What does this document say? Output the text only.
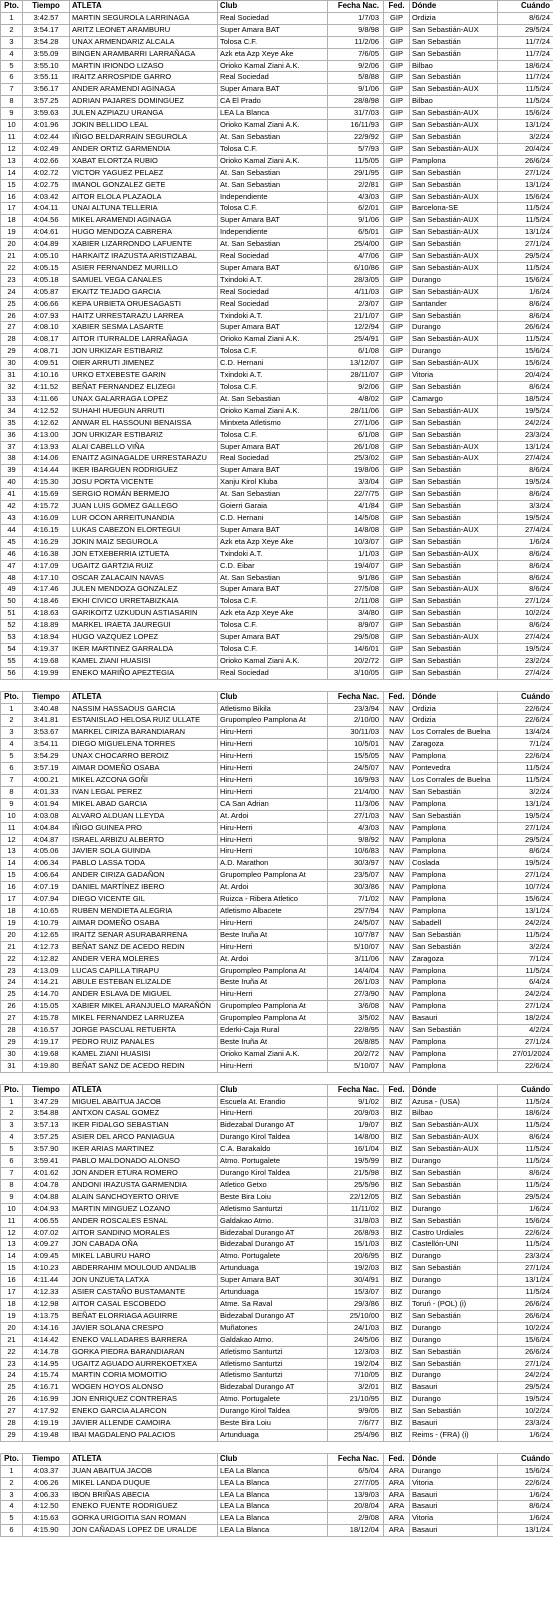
Pto.	Tiempo	ATLETA	Club	Fecha Nac.	Fed.	Dónde	Cuándo
1	3:42.57	MARTIN SEGUROLA LARRINAGA	Real Sociedad	1/7/03	GIP	Ordizia	8/6/24
2	3:54.17	ARITZ LEONET ARAMBURU	Super Amara BAT	9/8/98	GIP	San Sebastián-AUX	29/5/24
3	3:54.28	UNAX ARMENDARIZ ALCALA	Tolosa C.F.	11/2/06	GIP	San Sebastián	11/7/24
4	3:55.09	BINGEN ARAMBARRI LARRAÑAGA	Azk eta Azp Xeye Ake	7/6/05	GIP	San Sebastián	11/7/24
5	3:55.10	MARTIN IRIONDO LIZASO	Orioko Kamal Ziani A.K.	9/2/06	GIP	Bilbao	18/6/24
6	3:55.11	IRAITZ ARROSPIDE GARRO	Real Sociedad	5/8/88	GIP	San Sebastián	11/7/24
7	3:56.17	ANDER ARAMENDI AGINAGA	Super Amara BAT	9/1/06	GIP	San Sebastián-AUX	11/5/24
8	3:57.25	ADRIAN PAJARES DOMINGUEZ	CA El Prado	28/8/98	GIP	Bilbao	11/5/24
9	3:59.63	JULEN AZPIAZU URANGA	LEA La Blanca	31/7/03	GIP	San Sebastián-AUX	15/6/24
10	4:01.96	JOKIN BELLIDO LEAL	Orioko Kamal Ziani A.K.	16/11/93	GIP	San Sebastián-AUX	13/1/24
11	4:02.44	IÑIGO BELDARRAIN SEGUROLA	At. San Sebastian	22/9/92	GIP	San Sebastián	3/2/24
12	4:02.49	ANDER ORTIZ GARMENDIA	Tolosa C.F.	5/7/93	GIP	San Sebastián-AUX	20/4/24
13	4:02.66	XABAT ELORTZA RUBIO	Orioko Kamal Ziani A.K.	11/5/05	GIP	Pamplona	26/6/24
14	4:02.72	VICTOR YAGUEZ PELAEZ	At. San Sebastian	29/1/95	GIP	San Sebastián	27/1/24
15	4:02.75	IMANOL GONZALEZ GETE	At. San Sebastian	2/2/81	GIP	San Sebastián	13/1/24
16	4:03.42	AITOR ELOLA PLAZAOLA	Independiente	4/3/03	GIP	San Sebastián-AUX	15/6/24
17	4:04.11	UNAI ALTUNA TELLERIA	Tolosa C.F.	6/2/01	GIP	Barcelona-SE	11/5/24
18	4:04.56	MIKEL ARAMENDI AGINAGA	Super Amara BAT	9/1/06	GIP	San Sebastián-AUX	11/5/24
19	4:04.61	HUGO MENDOZA CABRERA	Independiente	6/5/01	GIP	San Sebastián-AUX	13/1/24
20	4:04.89	XABIER LIZARRONDO LAFUENTE	At. San Sebastian	25/4/00	GIP	San Sebastián	27/1/24
21	4:05.10	HARKAITZ IRAZUSTA ARISTIZABAL	Real Sociedad	4/7/06	GIP	San Sebastián-AUX	29/5/24
22	4:05.15	ASIER FERNANDEZ MURILLO	Super Amara BAT	6/10/86	GIP	San Sebastián-AUX	11/5/24
23	4:05.18	SAMUEL VEGA CANALES	Txindoki A.T.	28/3/05	GIP	Durango	15/6/24
24	4:05.87	EKAITZ TEJADO GARCIA	Real Sociedad	4/11/03	GIP	San Sebastián-AUX	1/6/24
25	4:06.66	KEPA URBIETA ORUESAGASTI	Real Sociedad	2/3/07	GIP	Santander	8/6/24
26	4:07.93	HAITZ URRESTARAZU LARREA	Txindoki A.T.	21/1/07	GIP	San Sebastián	8/6/24
27	4:08.10	XABIER SESMA LASARTE	Super Amara BAT	12/2/94	GIP	Durango	26/6/24
28	4:08.17	AITOR ITURRALDE LARRAÑAGA	Orioko Kamal Ziani A.K.	25/4/91	GIP	San Sebastián-AUX	11/5/24
29	4:08.71	JON URKIZAR ESTIBARIZ	Tolosa C.F.	6/1/08	GIP	Durango	15/6/24
30	4:09.51	OIER ARRUTI JIMENEZ	C.D. Hernani	13/12/07	GIP	San Sebastián-AUX	15/6/24
31	4:10.16	URKO ETXEBESTE GARIN	Txindoki A.T.	28/11/07	GIP	Vitoria	20/4/24
32	4:11.52	BEÑAT FERNANDEZ ELIZEGI	Tolosa C.F.	9/2/06	GIP	San Sebastián	8/6/24
33	4:11.66	UNAX GALARRAGA LOPEZ	At. San Sebastian	4/8/02	GIP	Camargo	18/5/24
34	4:12.52	SUHAHI HUEGUN ARRUTI	Orioko Kamal Ziani A.K.	28/11/06	GIP	San Sebastián-AUX	19/5/24
35	4:12.62	ANWAR EL HASSOUNI BENAISSA	Mintxeta Atletismo	27/1/06	GIP	San Sebastián	24/2/24
36	4:13.00	JON URKIZAR ESTIBARIZ	Tolosa C.F.	6/1/08	GIP	San Sebastián	23/3/24
37	4:13.93	ALAI CABELLO VIÑA	Super Amara BAT	26/1/08	GIP	San Sebastián-AUX	13/1/24
38	4:14.06	ENAITZ AGINAGALDE URRESTARAZU	Real Sociedad	25/3/02	GIP	San Sebastián-AUX	27/4/24
39	4:14.44	IKER IBARGUEN RODRIGUEZ	Super Amara BAT	19/8/06	GIP	San Sebastián	8/6/24
40	4:15.30	JOSU PORTA VICENTE	Xanju Kirol Kluba	3/3/04	GIP	San Sebastián	19/5/24
41	4:15.69	SERGIO ROMÁN BERMEJO	At. San Sebastian	22/7/75	GIP	San Sebastián	8/6/24
42	4:15.72	JUAN LUIS GOMEZ GALLEGO	Goierri Garaia	4/1/84	GIP	San Sebastián	3/3/24
43	4:16.09	LUR OCON ARREITUNANDIA	C.D. Hernani	14/5/08	GIP	San Sebastián	19/5/24
44	4:16.15	LUKAS CABEZON ELORTEGUI	Super Amara BAT	14/8/08	GIP	San Sebastián-AUX	27/4/24
45	4:16.29	JOKIN MAIZ SEGUROLA	Azk eta Azp Xeye Ake	10/3/07	GIP	San Sebastián	1/6/24
46	4:16.38	JON ETXEBERRIA IZTUETA	Txindoki A.T.	1/1/03	GIP	San Sebastián-AUX	8/6/24
47	4:17.09	UGAITZ GARTZIA RUIZ	C.D. Eibar	19/4/07	GIP	San Sebastián	8/6/24
48	4:17.10	OSCAR ZALACAIN NAVAS	At. San Sebastian	9/1/86	GIP	San Sebastián	8/6/24
49	4:17.46	JULEN MENDOZA GONZALEZ	Super Amara BAT	27/5/08	GIP	San Sebastián-AUX	8/6/24
50	4:18.46	EKHI CIVICO URRETABIZKAIA	Tolosa C.F.	2/11/08	GIP	San Sebastián	27/1/24
51	4:18.63	GARIKOITZ UZKUDUN ASTIASARIN	Azk eta Azp Xeye Ake	3/4/80	GIP	San Sebastián	10/2/24
52	4:18.89	MARKEL IRAETA JAUREGUI	Tolosa C.F.	8/9/07	GIP	San Sebastián	8/6/24
53	4:18.94	HUGO VAZQUEZ LOPEZ	Super Amara BAT	29/5/08	GIP	San Sebastián-AUX	27/4/24
54	4:19.37	IKER MARTINEZ GARRALDA	Tolosa C.F.	14/6/01	GIP	San Sebastián	19/5/24
55	4:19.68	KAMEL ZIANI HUASISI	Orioko Kamal Ziani A.K.	20/2/72	GIP	San Sebastián	23/2/24
56	4:19.99	ENEKO MARIÑO APEZTEGIA	Real Sociedad	3/10/05	GIP	San Sebastián	27/4/24
Pto.	Tiempo	ATLETA	Club	Fecha Nac.	Fed.	Dónde	Cuándo
1	3:40.48	NASSIM HASSAOUS GARCIA	Atletismo Bikila	23/3/94	NAV	Ordizia	22/6/24
2	3:41.81	ESTANISLAO HELOSA RUIZ ULLATE	Grupompleo Pamplona At	2/10/00	NAV	Ordizia	22/6/24
3	3:53.67	MARKEL CIRIZA BARANDIARAN	Hiru-Herri	30/11/03	NAV	Los Corrales de Buelna	13/4/24
4	3:54.11	DIEGO MIGUELENA TORRES	Hiru-Herri	10/5/01	NAV	Zaragoza	7/1/24
5	3:54.29	UNAX CHOCARRO BEROIZ	Hiru-Herri	15/5/05	NAV	Pamplona	22/6/24
6	3:57.19	AIMAR DOMEÑO OSABA	Hiru-Herri	24/5/07	NAV	Pontevedra	11/5/24
7	4:00.21	MIKEL AZCONA GOÑI	Hiru-Herri	16/9/93	NAV	Los Corrales de Buelna	11/5/24
8	4:01.33	IVAN LEGAL PEREZ	Hiru-Herri	21/4/00	NAV	San Sebastián	3/2/24
9	4:01.94	MIKEL ABAD GARCIA	CA San Adrian	11/3/06	NAV	Pamplona	13/1/24
10	4:03.08	ALVARO ALDUAN LLEYDA	At. Ardoi	27/1/03	NAV	San Sebastián	19/5/24
11	4:04.84	IÑIGO GUINEA PRO	Hiru-Herri	4/3/03	NAV	Pamplona	27/1/24
12	4:04.87	ISRAEL ARBIZU ALBERTO	Hiru-Herri	9/8/92	NAV	Pamplona	29/5/24
13	4:05.06	JAVIER SOLA GUINDA	Hiru-Herri	10/6/83	NAV	Pamplona	8/6/24
14	4:06.34	PABLO LASSA TODA	A.D. Marathon	30/3/97	NAV	Coslada	19/5/24
15	4:06.64	ANDER CIRIZA GADAÑON	Grupompleo Pamplona At	23/5/07	NAV	Pamplona	27/1/24
16	4:07.19	DANIEL MARTÍNEZ IBERO	At. Ardoi	30/3/86	NAV	Pamplona	10/7/24
17	4:07.94	DIEGO VICENTE GIL	Ruizca - Ribera Atletico	7/1/02	NAV	Pamplona	15/6/24
18	4:10.65	RUBEN MENDIETA ALEGRIA	Atletismo Albacete	25/7/94	NAV	Pamplona	13/1/24
19	4:10.79	AIMAR DOMEÑO OSABA	Hiru-Herri	24/5/07	NAV	Sabadell	24/2/24
20	4:12.65	IRAITZ SENAR ASURABARRENA	Beste Iruña At	10/7/87	NAV	San Sebastián	11/5/24
21	4:12.73	BEÑAT SANZ DE ACEDO REDIN	Hiru-Herri	5/10/07	NAV	San Sebastián	3/2/24
22	4:12.82	ANDER VERA MOLERES	At. Ardoi	3/11/06	NAV	Zaragoza	7/1/24
23	4:13.09	LUCAS CAPILLA TIRAPU	Grupompleo Pamplona At	14/4/04	NAV	Pamplona	11/5/24
24	4:14.21	ABULE ESTEBAN ELIZALDE	Beste Iruña At	26/1/03	NAV	Pamplona	6/4/24
25	4:14.70	ANDER ESLAVA DE MIGUEL	Hiru-Herri	27/3/90	NAV	Pamplona	24/2/24
26	4:15.05	XABIER MIKEL ARANJUELO MARAÑÓN	Grupompleo Pamplona At	3/6/08	NAV	Pamplona	27/1/24
27	4:15.78	MIKEL FERNANDEZ LARRUZEA	Grupompleo Pamplona At	3/5/02	NAV	Basauri	18/2/24
28	4:16.57	JORGE PASCUAL RETUERTA	Ederki-Caja Rural	22/8/95	NAV	San Sebastián	4/2/24
29	4:19.17	PEDRO RUIZ PANALES	Beste Iruña At	26/8/85	NAV	Pamplona	27/1/24
30	4:19.68	KAMEL ZIANI HUASISI	Orioko Kamal Ziani A.K.	20/2/72	NAV	Pamplona	27/01/2024
31	4:19.80	BEÑAT SANZ DE ACEDO REDIN	Hiru-Herri	5/10/07	NAV	Pamplona	22/6/24
Pto.	Tiempo	ATLETA	Club	Fecha Nac.	Fed.	Dónde	Cuándo
1	3:47.29	MIGUEL ABAITUA JACOB	Escuela At. Erandio	9/1/02	BIZ	Azusa - (USA)	11/5/24
2	3:54.88	ANTXON CASAL GOMEZ	Hiru-Herri	20/9/03	BIZ	Bilbao	18/6/24
3	3:57.13	IKER FIDALGO SEBASTIAN	Bidezabal Durango AT	1/9/07	BIZ	San Sebastián-AUX	11/5/24
4	3:57.25	ASIER DEL ARCO PANIAGUA	Durango Kirol Taldea	14/8/00	BIZ	San Sebastián-AUX	8/6/24
5	3:57.90	IKER ARIAS MARTINEZ	C.A. Barakaldo	16/1/04	BIZ	San Sebastián-AUX	11/5/24
6	3:59.41	PABLO MALDONADO ALONSO	Atmo. Portugalete	19/5/99	BIZ	Durango	11/5/24
7	4:01.62	JON ANDER ETURA ROMERO	Durango Kirol Taldea	21/5/98	BIZ	San Sebastián	8/6/24
8	4:04.78	ANDONI IRAZUSTA GARMENDIA	Atletico Getxo	25/5/96	BIZ	San Sebastián	11/5/24
9	4:04.88	ALAIN SANCHOYERTO ORIVE	Beste Bira Loiu	22/12/05	BIZ	San Sebastián	29/5/24
10	4:04.93	MARTIN MINGUEZ LOZANO	Atletismo Santurtzi	11/11/02	BIZ	Durango	1/6/24
11	4:06.55	ANDER ROSCALES ESNAL	Galdakao Atmo.	31/8/03	BIZ	San Sebastián	15/6/24
12	4:07.02	AITOR SANDINO MORALES	Bidezabal Durango AT	26/8/93	BIZ	Castro Urdiales	22/6/24
13	4:09.27	JON CABADA OÑA	Bidezabal Durango AT	15/1/03	BIZ	Castellón-UNI	11/5/24
14	4:09.45	MIKEL LABURU HARO	Atmo. Portugalete	20/6/95	BIZ	Durango	23/3/24
15	4:10.23	ABDERRAHIM MOULOUD ANDALIB	Artunduaga	19/2/03	BIZ	San Sebastián	27/1/24
16	4:11.44	JON UNZUETA LATXA	Super Amara BAT	30/4/91	BIZ	Durango	13/1/24
17	4:12.33	ASIER CASTAÑO BUSTAMANTE	Artunduaga	15/3/07	BIZ	Durango	11/5/24
18	4:12.98	AITOR CASAL ESCOBEDO	Atme. Sa Raval	29/3/86	BIZ	Toruń - (POL) (i)	26/6/24
19	4:13.75	BEÑAT ELORRIAGA AGUIRRE	Bidezabal Durango AT	25/10/00	BIZ	San Sebastián	26/6/24
20	4:14.16	JAVIER SOLANA CRESPO	Muñatones	24/1/03	BIZ	Durango	10/2/24
21	4:14.42	ENEKO VALLADARES BARRERA	Galdakao Atmo.	24/5/06	BIZ	Durango	15/6/24
22	4:14.78	GORKA PIEDRA BARANDIARAN	Atletismo Santurtzi	12/3/03	BIZ	San Sebastián	26/6/24
23	4:14.95	UGAITZ AGUADO AURREKOETXEA	Atletismo Santurtzi	19/2/04	BIZ	San Sebastián	27/1/24
24	4:15.74	MARTIN CORIA MOMOITIO	Atletismo Santurtzi	7/10/05	BIZ	Durango	24/2/24
25	4:16.71	WOGEN HOYOS ALONSO	Bidezabal Durango AT	3/2/01	BIZ	Basauri	29/5/24
26	4:16.99	JON ENRIQUEZ CONTRERAS	Atmo. Portugalete	21/10/95	BIZ	Durango	19/5/24
27	4:17.92	ENEKO GARCIA ALARCON	Durango Kirol Taldea	9/9/05	BIZ	San Sebastián	10/2/24
28	4:19.19	JAVIER ALLENDE CAMOIRA	Beste Bira Loiu	7/6/77	BIZ	Basauri	23/3/24
29	4:19.48	IBAI MAGDALENO PALACIOS	Artunduaga	25/4/96	BIZ	Reims - (FRA) (i)	1/6/24
Pto.	Tiempo	ATLETA	Club	Fecha Nac.	Fed.	Dónde	Cuándo
1	4:03.37	JUAN ABAITUA JACOB	LEA La Blanca	6/5/04	ARA	Durango	15/6/24
2	4:06.26	MIKEL LANDA DUQUE	LEA La Blanca	27/7/05	ARA	Vitoria	22/6/24
3	4:06.33	IBON BRIÑAS ABECIA	LEA La Blanca	13/9/03	ARA	Basauri	1/6/24
4	4:12.50	ENEKO FUENTE RODRIGUEZ	LEA La Blanca	20/8/04	ARA	Basauri	8/6/24
5	4:15.63	GORKA URIGOITIA SAN ROMAN	LEA La Blanca	2/9/08	ARA	Vitoria	1/6/24
6	4:15.90	JON CAÑADAS LOPEZ DE URALDE	LEA La Blanca	18/12/04	ARA	Basauri	13/1/24
